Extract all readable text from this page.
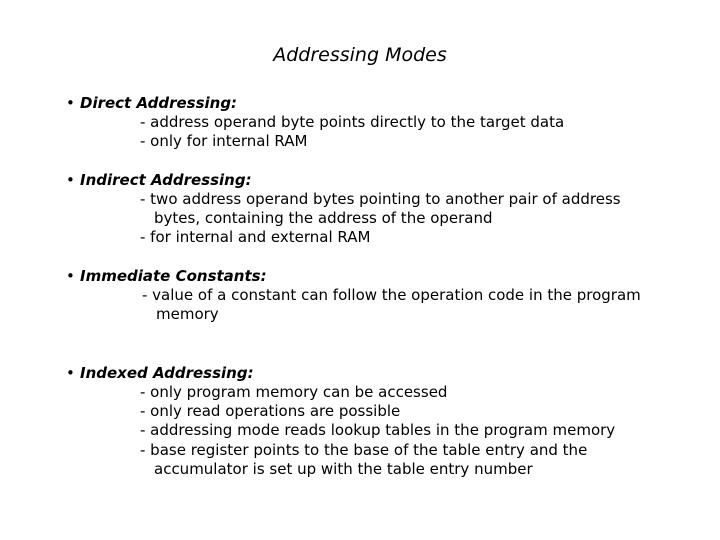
Addressing Modes
• Direct Addressing:
- address operand byte points directly to the target data
- only for internal RAM
• Indirect Addressing:
- two address operand bytes pointing to another pair of address
bytes, containing the address of the operand
- for internal and external RAM
• Immediate Constants:
- value of a constant can follow the operation code in the program
memory
• Indexed Addressing:
- only program memory can be accessed
- only read operations are possible
- addressing mode reads lookup tables in the program memory
- base register points to the base of the table entry and the
accumulator is set up with the table entry number
